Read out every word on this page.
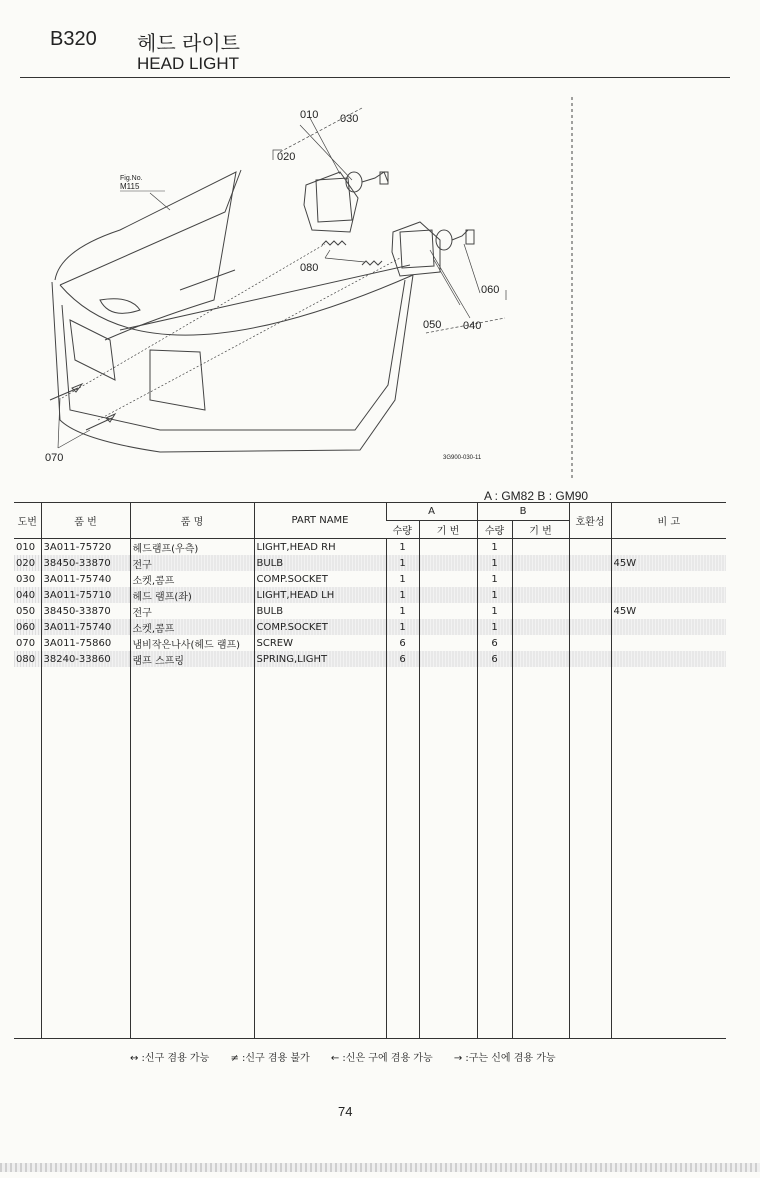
B320 헤드 라이트
HEAD LIGHT
010 030
020
080
060
050 040
070
Fig.No.
M115
3G900-030-11
A : GM82 B : GM90
도번	품 번	품 명	PART NAME	A		B		호환성	비 고
				수량	기 번	수량	기 번		
010	3A011-75720	헤드램프(우측)	LIGHT,HEAD RH	1		1			
020	38450-33870	전구	BULB	1		1			45W
030	3A011-75740	소켓,콤프	COMP.SOCKET	1		1			
040	3A011-75710	헤드 램프(좌)	LIGHT,HEAD LH	1		1			
050	38450-33870	전구	BULB	1		1			45W
060	3A011-75740	소켓,콤프	COMP.SOCKET	1		1			
070	3A011-75860	냄비작은나사(헤드 램프)	SCREW	6		6			
080	38240-33860	램프 스프링	SPRING,LIGHT	6		6			

↔ :신구 겸용 가능 ≠ :신구 겸용 불가 ← :신은 구에 겸용 가능 → :구는 신에 겸용 가능
74
